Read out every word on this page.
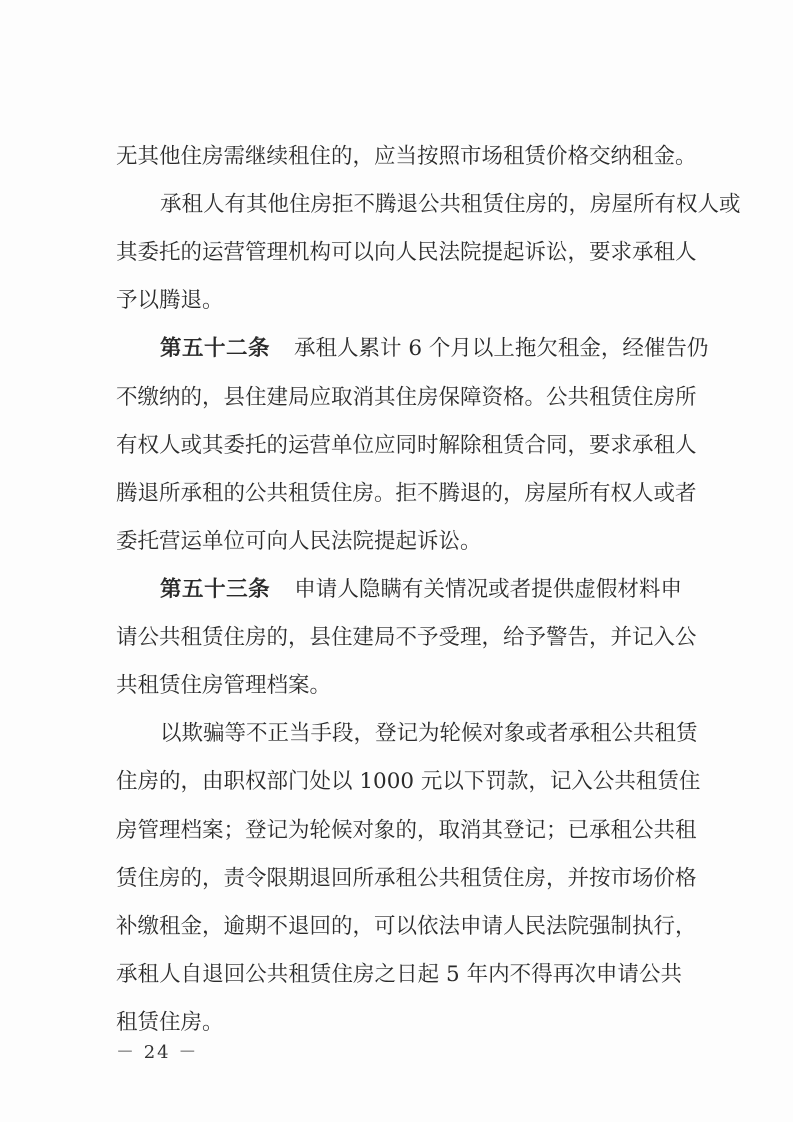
无其他住房需继续租住的，应当按照市场租赁价格交纳租金。
承租人有其他住房拒不腾退公共租赁住房的，房屋所有权人或
其委托的运营管理机构可以向人民法院提起诉讼，要求承租人
予以腾退。
第五十二条 承租人累计 6 个月以上拖欠租金，经催告仍
不缴纳的，县住建局应取消其住房保障资格。公共租赁住房所
有权人或其委托的运营单位应同时解除租赁合同，要求承租人
腾退所承租的公共租赁住房。拒不腾退的，房屋所有权人或者
委托营运单位可向人民法院提起诉讼。
第五十三条 申请人隐瞒有关情况或者提供虚假材料申
请公共租赁住房的，县住建局不予受理，给予警告，并记入公
共租赁住房管理档案。
以欺骗等不正当手段，登记为轮候对象或者承租公共租赁
住房的，由职权部门处以 1000 元以下罚款，记入公共租赁住
房管理档案；登记为轮候对象的，取消其登记；已承租公共租
赁住房的，责令限期退回所承租公共租赁住房，并按市场价格
补缴租金，逾期不退回的，可以依法申请人民法院强制执行，
承租人自退回公共租赁住房之日起 5 年内不得再次申请公共
租赁住房。
－ 24 －
